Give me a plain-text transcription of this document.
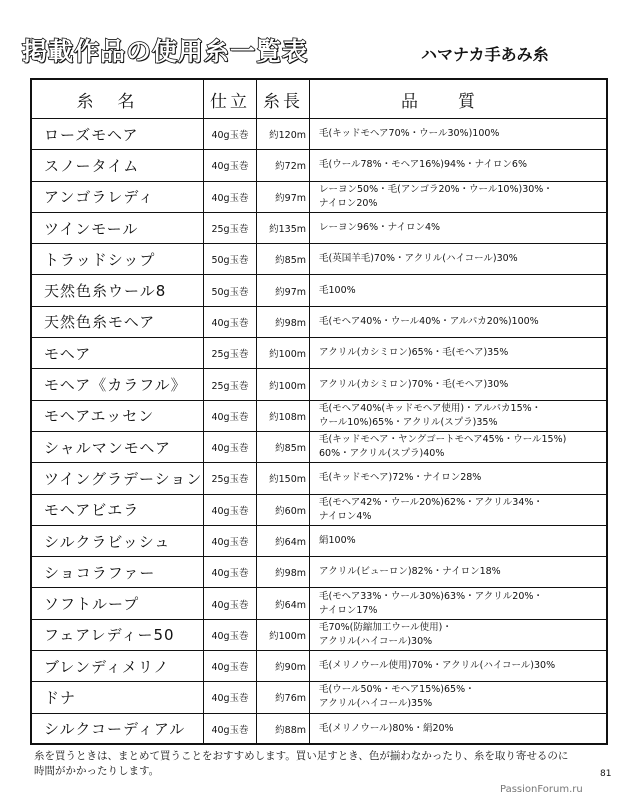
掲載作品の使用糸一覧表	ハマナカ手あみ糸
糸名	仕立	糸長	品質
ローズモヘア	40g玉巻	約120m	毛(キッドモヘア70%・ウール30%)100%

スノータイム	40g玉巻	約72m	毛(ウール78%・モヘア16%)94%・ナイロン6%

アンゴラレディ	40g玉巻	約97m	レーヨン50%・毛(アンゴラ20%・ウール10%)30%・
ナイロン20%

ツインモール	25g玉巻	約135m	レーヨン96%・ナイロン4%

トラッドシップ	50g玉巻	約85m	毛(英国羊毛)70%・アクリル(ハイコール)30%

天然色糸ウール8	50g玉巻	約97m	毛100%

天然色糸モヘア	40g玉巻	約98m	毛(モヘア40%・ウール40%・アルパカ20%)100%

モヘア	25g玉巻	約100m	アクリル(カシミロン)65%・毛(モヘア)35%

モヘア《カラフル》	25g玉巻	約100m	アクリル(カシミロン)70%・毛(モヘア)30%

モヘアエッセン	40g玉巻	約108m	毛(モヘア40%(キッドモヘア使用)・アルパカ15%・
ウール10%)65%・アクリル(スプラ)35%

シャルマンモヘア	40g玉巻	約85m	毛(キッドモヘア・ヤングゴートモヘア45%・ウール15%)
60%・アクリル(スプラ)40%

ツイングラデーション	25g玉巻	約150m	毛(キッドモヘア)72%・ナイロン28%

モヘアビエラ	40g玉巻	約60m	毛(モヘア42%・ウール20%)62%・アクリル34%・
ナイロン4%

シルクラビッシュ	40g玉巻	約64m	絹100%

ショコラファー	40g玉巻	約98m	アクリル(ビューロン)82%・ナイロン18%

ソフトループ	40g玉巻	約64m	毛(モヘア33%・ウール30%)63%・アクリル20%・
ナイロン17%

フェアレディー50	40g玉巻	約100m	毛70%(防縮加工ウール使用)・
アクリル(ハイコール)30%

ブレンディメリノ	40g玉巻	約90m	毛(メリノウール使用)70%・アクリル(ハイコール)30%

ドナ	40g玉巻	約76m	毛(ウール50%・モヘア15%)65%・
アクリル(ハイコール)35%

シルクコーディアル	40g玉巻	約88m	毛(メリノウール)80%・絹20%
糸を買うときは、まとめて買うことをおすすめします。買い足すとき、色が揃わなかったり、糸を取り寄せるのに
時間がかかったりします。	81
PassionForum.ru
